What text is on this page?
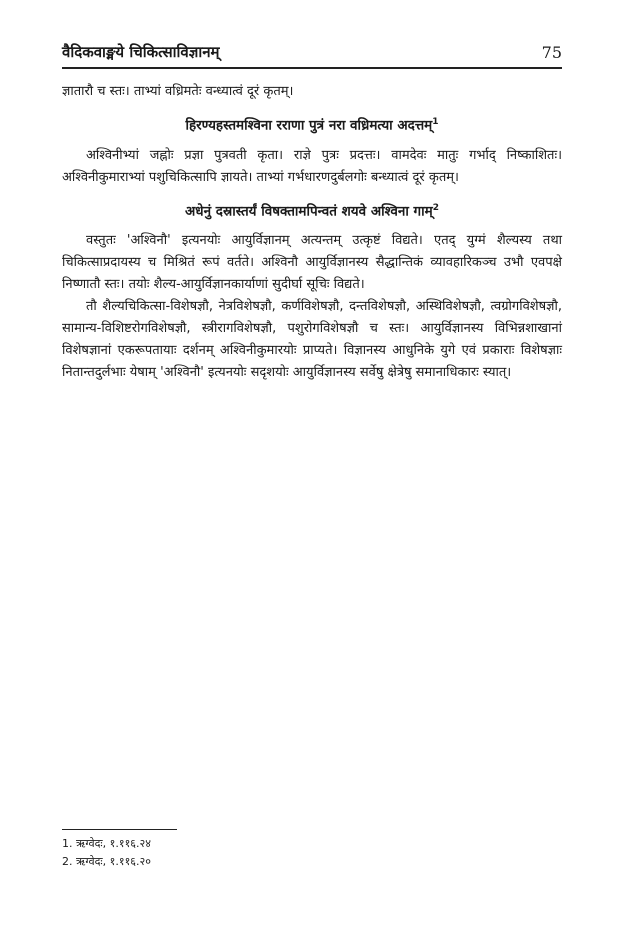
वैदिकवाङ्मये चिकित्साविज्ञानम्	75

ज्ञातारौ च स्तः। ताभ्यां वध्रिमतेः वन्ध्यात्वं दूरं कृतम्।

हिरण्यहस्तमश्विना रराणा पुत्रं नरा वध्रिमत्या अदत्तम्$^1$

अश्विनीभ्यां जह्नोः प्रज्ञा पुत्रवती कृता। राज्ञे पुत्रः प्रदत्तः। वामदेवः मातुः गर्भाद् निष्काशितः। अश्विनीकुमाराभ्यां पशुचिकित्सापि ज्ञायते। ताभ्यां गर्भधारणदुर्बलगोः बन्ध्यात्वं दूरं कृतम्।

अधेनुं दस्रास्तर्यं विषक्तामपिन्वतं शयवे अश्विना गाम्$^2$

वस्तुतः 'अश्विनौ' इत्यनयोः आयुर्विज्ञानम् अत्यन्तम् उत्कृष्टं विद्यते। एतद् युग्मं शैल्यस्य तथा चिकित्साप्रदायस्य च मिश्रितं रूपं वर्तते। अश्विनौ आयुर्विज्ञानस्य सैद्धान्तिकं व्यावहारिकञ्च उभौ एवपक्षे निष्णातौ स्तः। तयोः शैल्य-आयुर्विज्ञानकार्याणां सुदीर्घा सूचिः विद्यते।

तौ शैल्यचिकित्सा-विशेषज्ञौ, नेत्रविशेषज्ञौ, कर्णविशेषज्ञौ, दन्तविशेषज्ञौ, अस्थिविशेषज्ञौ, त्वग्रोगविशेषज्ञौ, सामान्य-विशिष्टरोगविशेषज्ञौ, स्त्रीरागविशेषज्ञौ, पशुरोगविशेषज्ञौ च स्तः। आयुर्विज्ञानस्य विभिन्नशाखानां विशेषज्ञानां एकरूपतायाः दर्शनम् अश्विनीकुमारयोः प्राप्यते। विज्ञानस्य आधुनिके युगे एवं प्रकाराः विशेषज्ञाः नितान्तदुर्लभाः येषाम् 'अश्विनौ' इत्यनयोः सदृशयोः आयुर्विज्ञानस्य सर्वेषु क्षेत्रेषु समानाधिकारः स्यात्।

1. ऋग्वेदः, १.११६.२४
2. ऋग्वेदः, १.११६.२०
